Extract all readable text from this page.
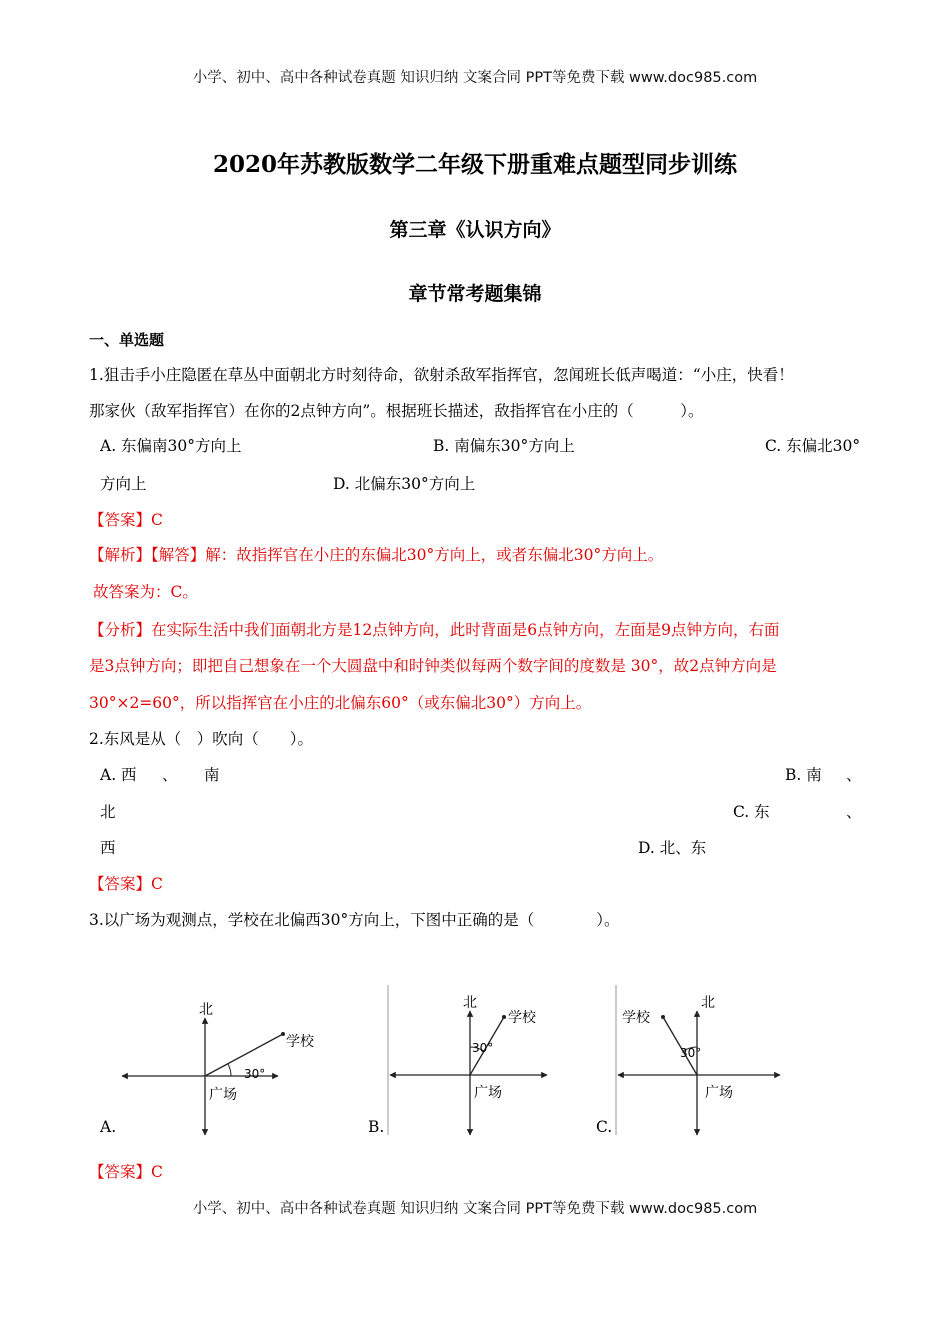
小学、初中、高中各种试卷真题 知识归纳 文案合同 PPT等免费下载 www.doc985.com
2020年苏教版数学二年级下册重难点题型同步训练
第三章《认识方向》
章节常考题集锦
一、单选题
1.狙击手小庄隐匿在草丛中面朝北方时刻待命，欲射杀敌军指挥官，忽闻班长低声喝道：“小庄，快看！
那家伙（敌军指挥官）在你的2点钟方向”。根据班长描述，敌指挥官在小庄的（　　　）。
A. 东偏南30°方向上	B. 南偏东30°方向上	C. 东偏北30°
方向上	D. 北偏东30°方向上
【答案】C
【解析】【解答】解：故指挥官在小庄的东偏北30°方向上，或者东偏北30°方向上。
故答案为：C。
【分析】在实际生活中我们面朝北方是12点钟方向，此时背面是6点钟方向，左面是9点钟方向，右面
是3点钟方向；即把自己想象在一个大圆盘中和时钟类似每两个数字间的度数是 30°，故2点钟方向是
30°×2=60°，所以指挥官在小庄的北偏东60°（或东偏北30°）方向上。
2.东风是从（　）吹向（　　）。
A. 西 、 南	B. 南 、
北	C. 东	、
西	D. 北、东
【答案】C
3.以广场为观测点，学校在北偏西30°方向上，下图中正确的是（　　　　）。
北
学校
30°
广场
A.
北
学校
30°
广场
B.
北
学校
30°
广场
C.
【答案】C
小学、初中、高中各种试卷真题 知识归纳 文案合同 PPT等免费下载 www.doc985.com
